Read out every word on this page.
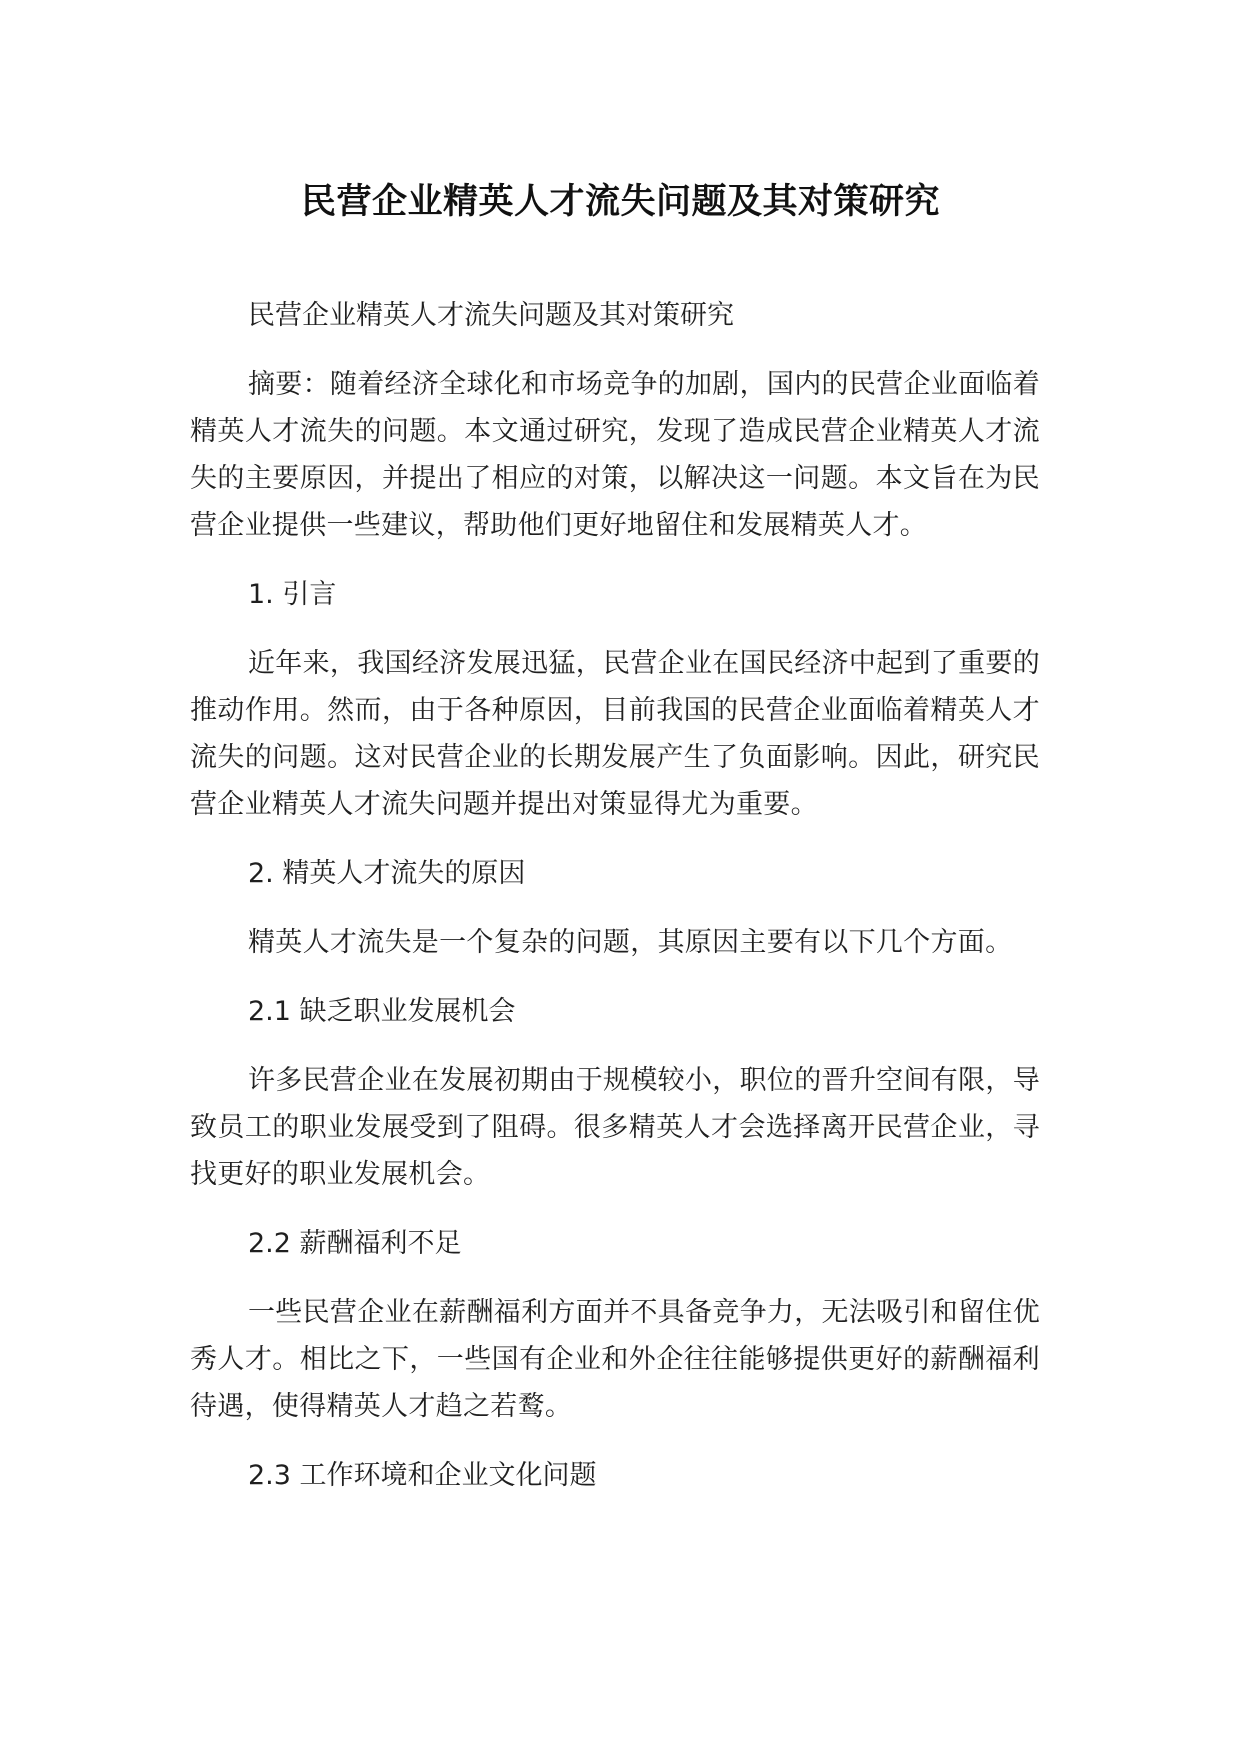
民营企业精英人才流失问题及其对策研究

民营企业精英人才流失问题及其对策研究

摘要：随着经济全球化和市场竞争的加剧，国内的民营企业面临着精英人才流失的问题。本文通过研究，发现了造成民营企业精英人才流失的主要原因，并提出了相应的对策，以解决这一问题。本文旨在为民营企业提供一些建议，帮助他们更好地留住和发展精英人才。

1. 引言

近年来，我国经济发展迅猛，民营企业在国民经济中起到了重要的推动作用。然而，由于各种原因，目前我国的民营企业面临着精英人才流失的问题。这对民营企业的长期发展产生了负面影响。因此，研究民营企业精英人才流失问题并提出对策显得尤为重要。

2. 精英人才流失的原因

精英人才流失是一个复杂的问题，其原因主要有以下几个方面。

2.1 缺乏职业发展机会

许多民营企业在发展初期由于规模较小，职位的晋升空间有限，导致员工的职业发展受到了阻碍。很多精英人才会选择离开民营企业，寻找更好的职业发展机会。

2.2 薪酬福利不足

一些民营企业在薪酬福利方面并不具备竞争力，无法吸引和留住优秀人才。相比之下，一些国有企业和外企往往能够提供更好的薪酬福利待遇，使得精英人才趋之若鹜。

2.3 工作环境和企业文化问题
